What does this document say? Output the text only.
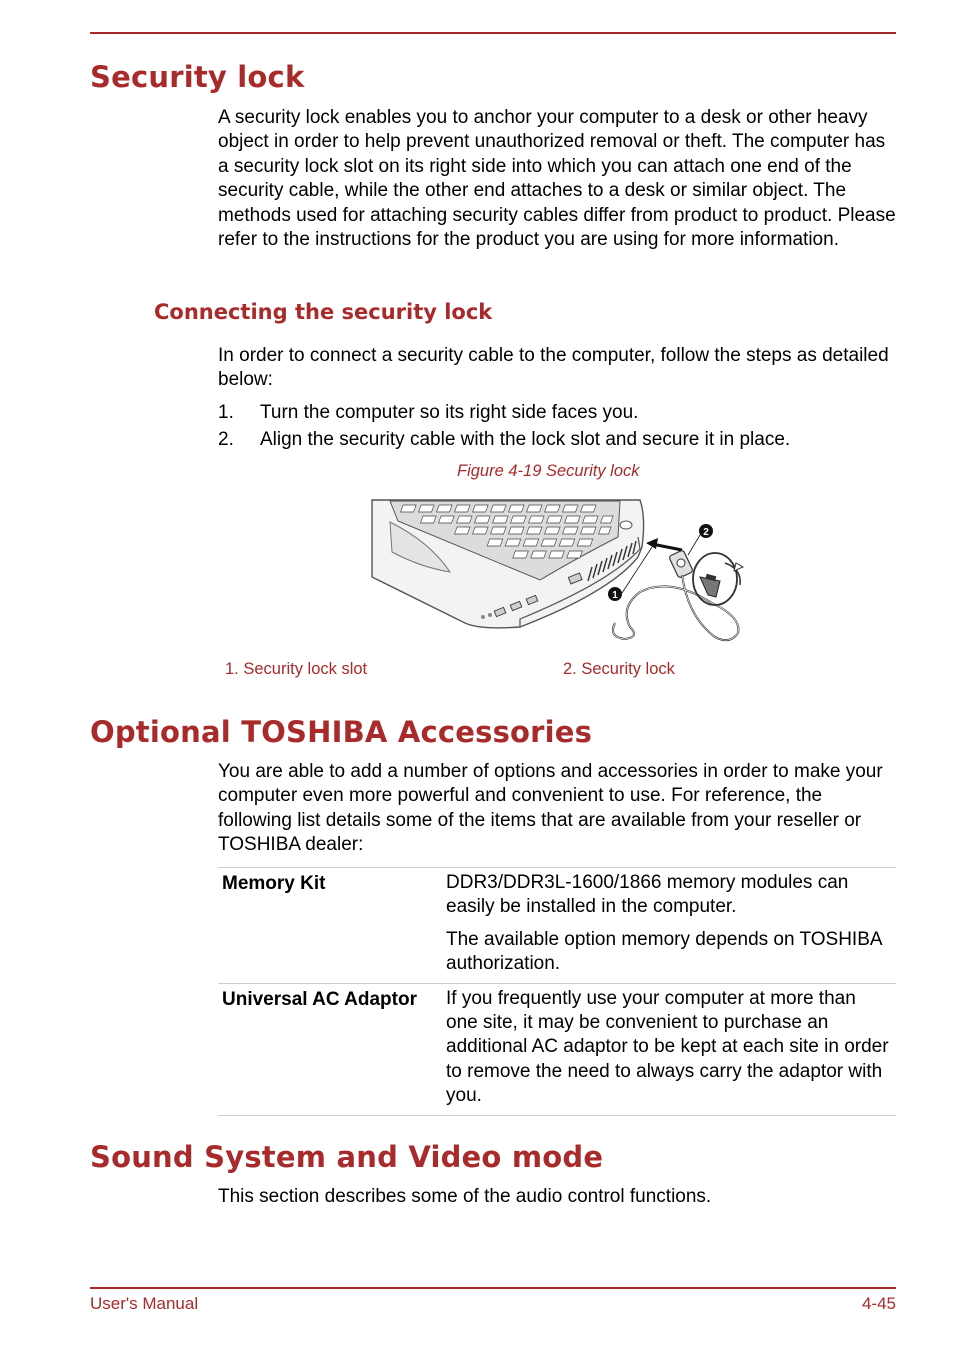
Security lock

A security lock enables you to anchor your computer to a desk or other heavy object in order to help prevent unauthorized removal or theft. The computer has a security lock slot on its right side into which you can attach one end of the security cable, while the other end attaches to a desk or similar object. The methods used for attaching security cables differ from product to product. Please refer to the instructions for the product you are using for more information.

Connecting the security lock

In order to connect a security cable to the computer, follow the steps as detailed below:

1. Turn the computer so its right side faces you.
2. Align the security cable with the lock slot and secure it in place.
Figure 4-19 Security lock
2
1
1. Security lock slot	2. Security lock
Optional TOSHIBA Accessories

You are able to add a number of options and accessories in order to make your computer even more powerful and convenient to use. For reference, the following list details some of the items that are available from your reseller or TOSHIBA dealer:

Memory Kit	DDR3/DDR3L-1600/1866 memory modules can easily be installed in the computer.

The available option memory depends on TOSHIBA authorization.

Universal AC Adaptor	If you frequently use your computer at more than one site, it may be convenient to purchase an additional AC adaptor to be kept at each site in order to remove the need to always carry the adaptor with you.

Sound System and Video mode

This section describes some of the audio control functions.

User's Manual	4-45
